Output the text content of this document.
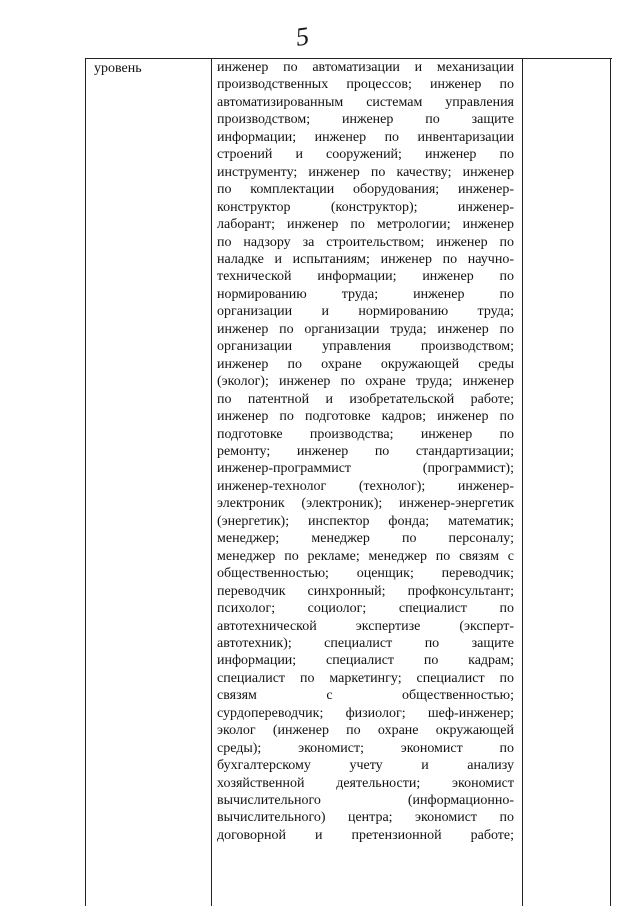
5
уровень	инженер по автоматизации и механизации
производственных процессов; инженер по
автоматизированным системам управления
производством; инженер по защите
информации; инженер по инвентаризации
строений и сооружений; инженер по
инструменту; инженер по качеству; инженер
по комплектации оборудования; инженер-
конструктор (конструктор); инженер-
лаборант; инженер по метрологии; инженер
по надзору за строительством; инженер по
наладке и испытаниям; инженер по научно-
технической информации; инженер по
нормированию труда; инженер по
организации и нормированию труда;
инженер по организации труда; инженер по
организации управления производством;
инженер по охране окружающей среды
(эколог); инженер по охране труда; инженер
по патентной и изобретательской работе;
инженер по подготовке кадров; инженер по
подготовке производства; инженер по
ремонту; инженер по стандартизации;
инженер-программист (программист);
инженер-технолог (технолог); инженер-
электроник (электроник); инженер-энергетик
(энергетик); инспектор фонда; математик;
менеджер; менеджер по персоналу;
менеджер по рекламе; менеджер по связям с
общественностью; оценщик; переводчик;
переводчик синхронный; профконсультант;
психолог; социолог; специалист по
автотехнической экспертизе (эксперт-
автотехник); специалист по защите
информации; специалист по кадрам;
специалист по маркетингу; специалист по
связям с общественностью;
сурдопереводчик; физиолог; шеф-инженер;
эколог (инженер по охране окружающей
среды); экономист; экономист по
бухгалтерскому учету и анализу
хозяйственной деятельности; экономист
вычислительного (информационно-
вычислительного) центра; экономист по
договорной и претензионной работе;
